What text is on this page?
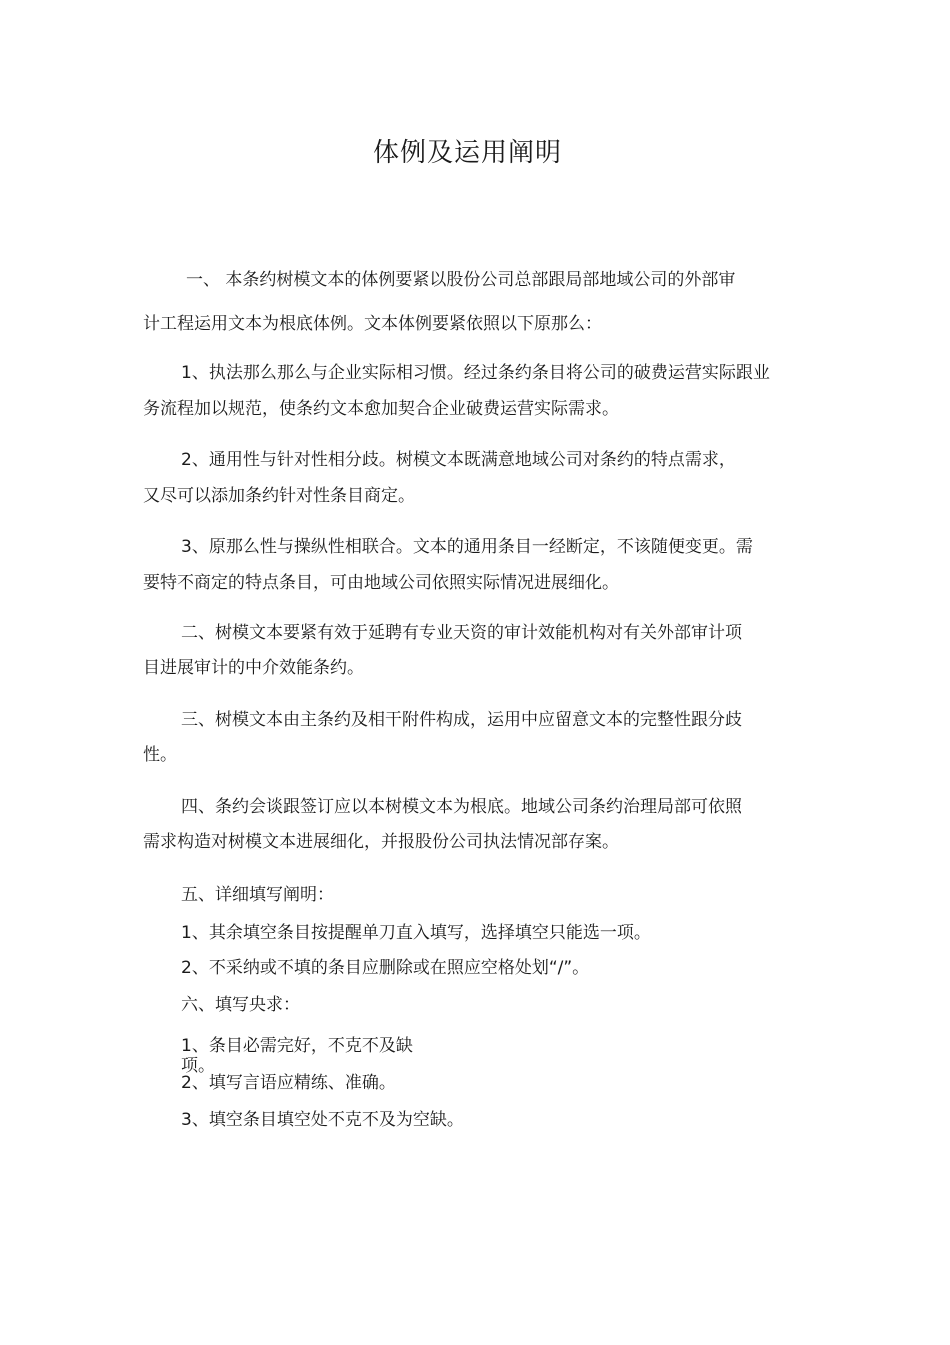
体例及运用阐明
一、 本条约树模文本的体例要紧以股份公司总部跟局部地域公司的外部审
计工程运用文本为根底体例。文本体例要紧依照以下原那么：
1、执法那么那么与企业实际相习惯。经过条约条目将公司的破费运营实际跟业
务流程加以规范，使条约文本愈加契合企业破费运营实际需求。
2、通用性与针对性相分歧。树模文本既满意地域公司对条约的特点需求，
又尽可以添加条约针对性条目商定。
3、原那么性与操纵性相联合。文本的通用条目一经断定，不该随便变更。需
要特不商定的特点条目，可由地域公司依照实际情况进展细化。
二、树模文本要紧有效于延聘有专业天资的审计效能机构对有关外部审计项
目进展审计的中介效能条约。
三、树模文本由主条约及相干附件构成，运用中应留意文本的完整性跟分歧
性。
四、条约会谈跟签订应以本树模文本为根底。地域公司条约治理局部可依照
需求构造对树模文本进展细化，并报股份公司执法情况部存案。
五、详细填写阐明：
1、其余填空条目按提醒单刀直入填写，选择填空只能选一项。
2、不采纳或不填的条目应删除或在照应空格处划“/”。
六、填写央求：
1、条目必需完好，不克不及缺
项。
2、填写言语应精练、准确。
3、填空条目填空处不克不及为空缺。
